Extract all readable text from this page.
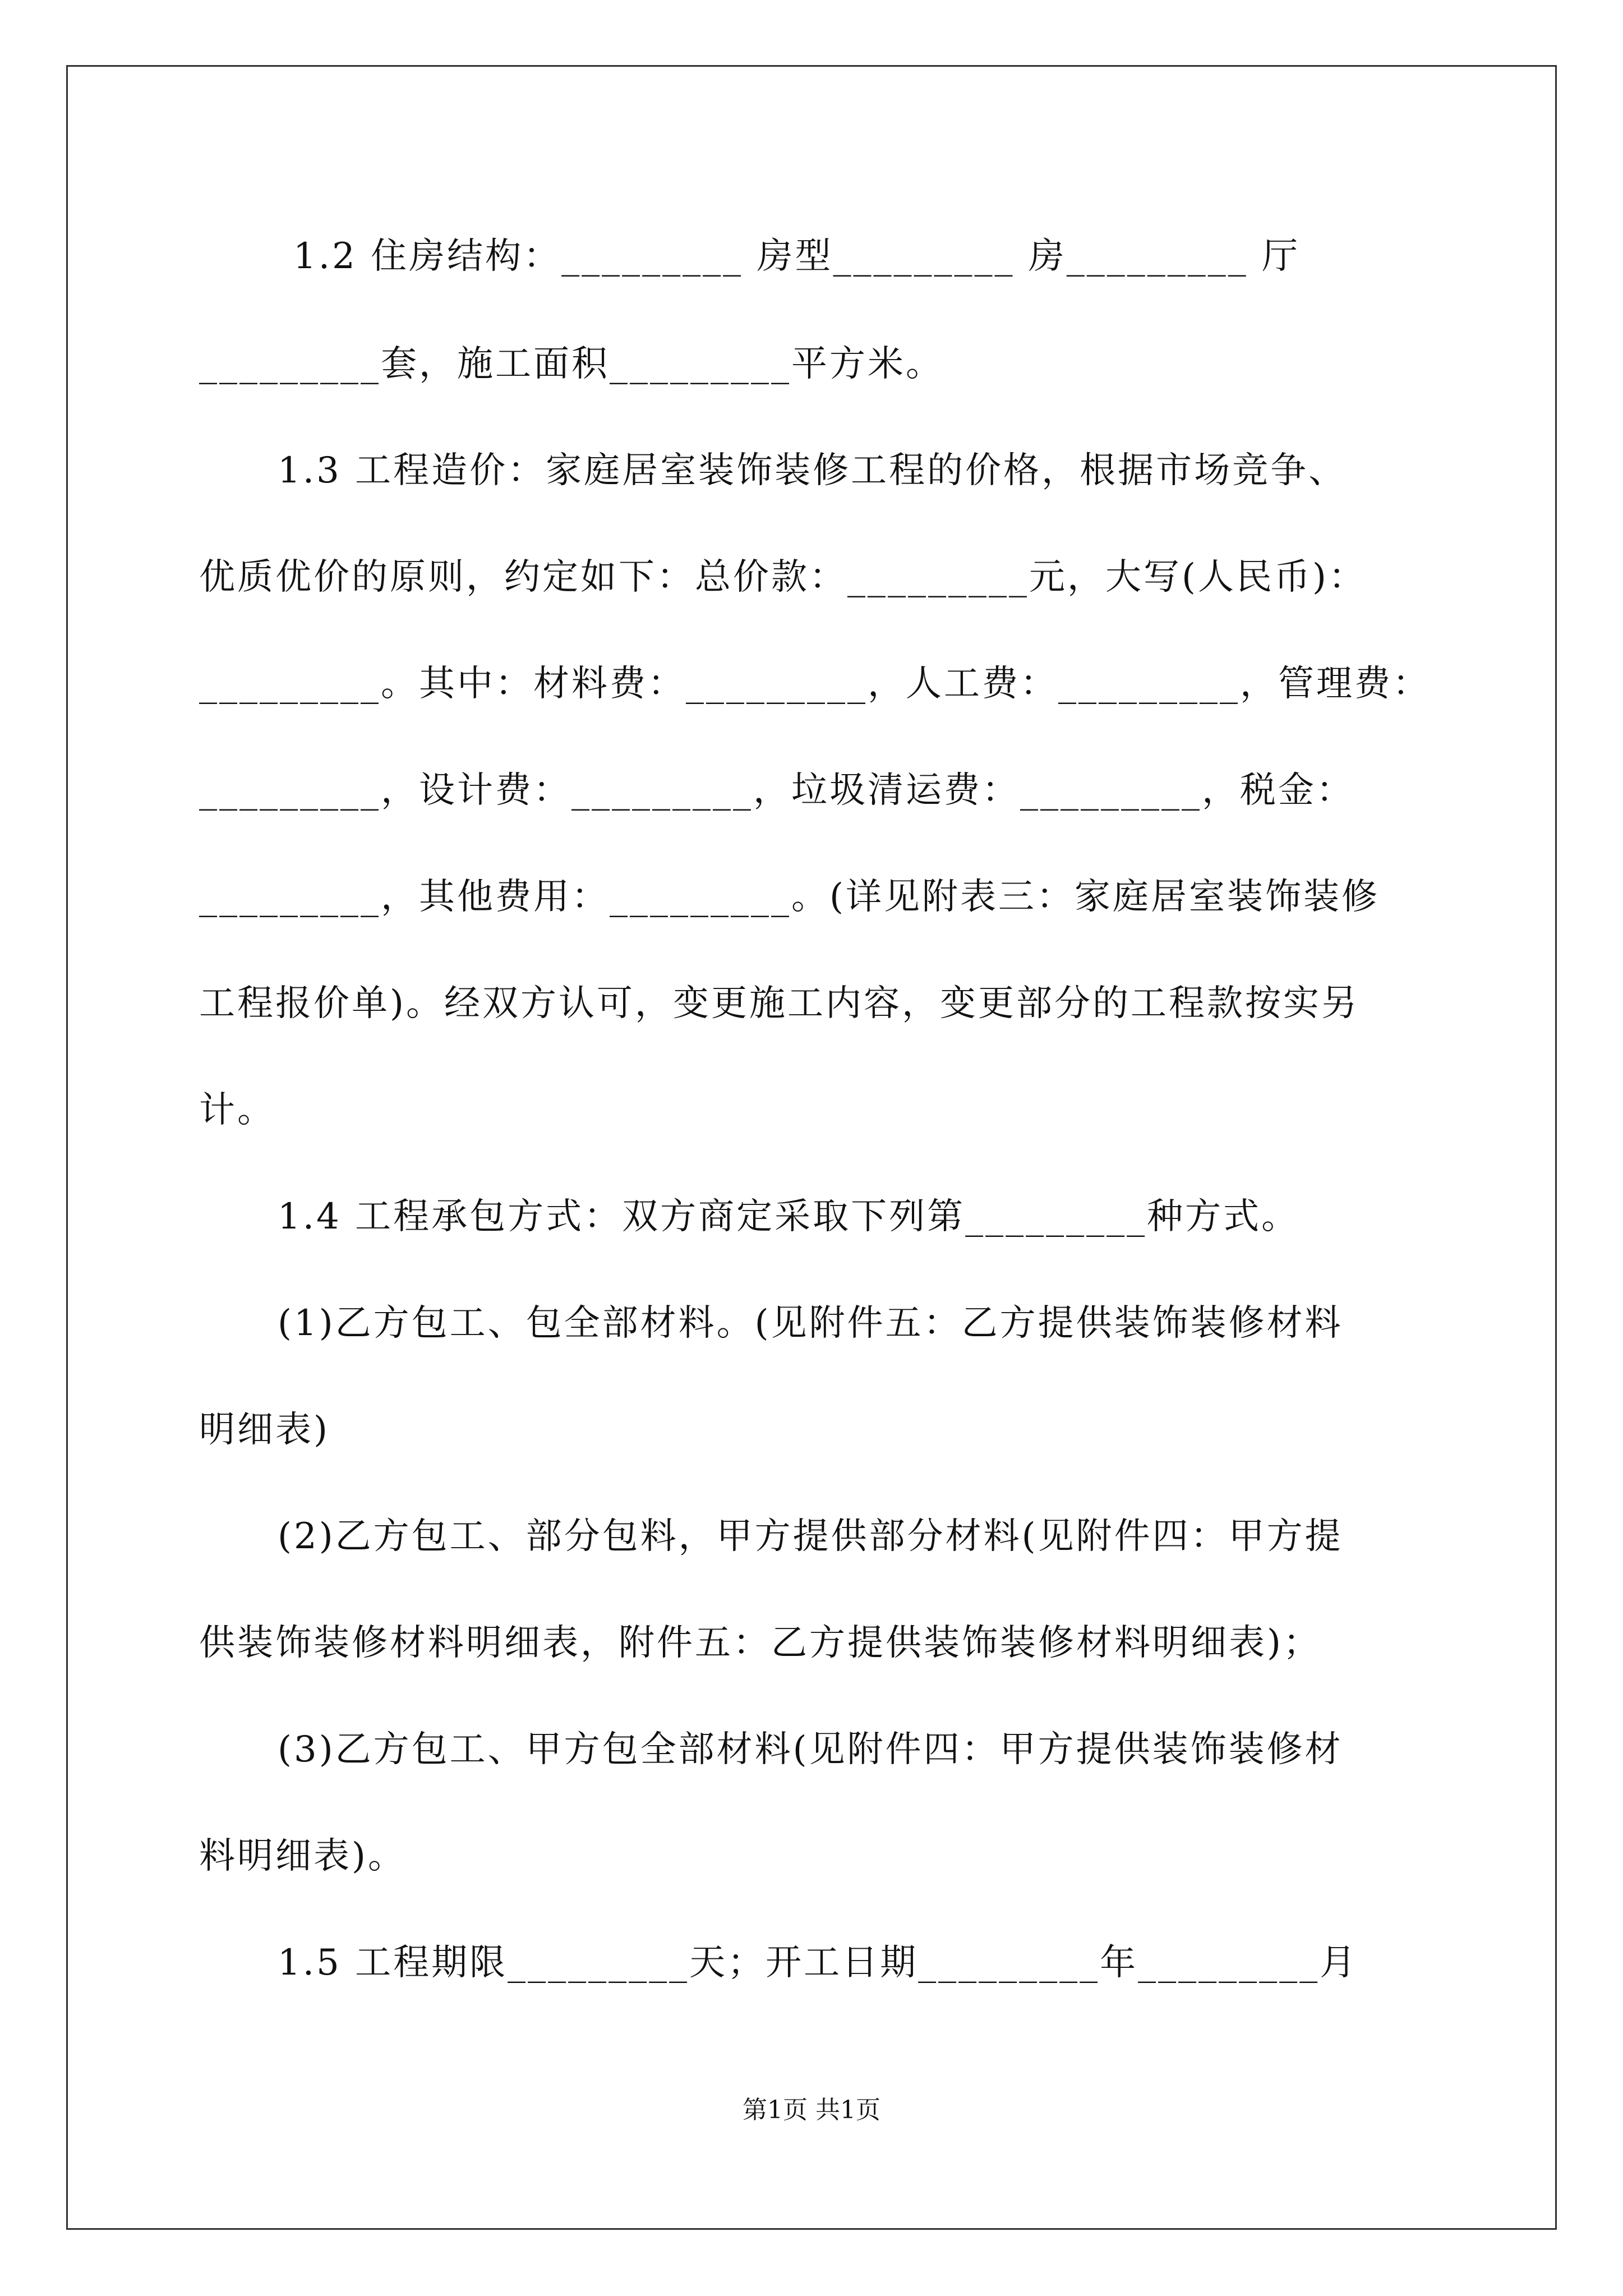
1.2 住房结构：_________ 房型_________ 房_________ 厅
_________套，施工面积_________平方米。
1.3 工程造价：家庭居室装饰装修工程的价格，根据市场竞争、
优质优价的原则，约定如下：总价款：_________元，大写(人民币)：
_________。其中：材料费：_________，人工费：_________，管理费：
_________，设计费：_________，垃圾清运费：_________，税金：
_________，其他费用：_________。(详见附表三：家庭居室装饰装修
工程报价单)。经双方认可，变更施工内容，变更部分的工程款按实另
计。
1.4 工程承包方式：双方商定采取下列第_________种方式。
(1)乙方包工、包全部材料。(见附件五：乙方提供装饰装修材料
明细表)
(2)乙方包工、部分包料，甲方提供部分材料(见附件四：甲方提
供装饰装修材料明细表，附件五：乙方提供装饰装修材料明细表)；
(3)乙方包工、甲方包全部材料(见附件四：甲方提供装饰装修材
料明细表)。
1.5 工程期限_________天；开工日期_________年_________月
第1页 共1页
